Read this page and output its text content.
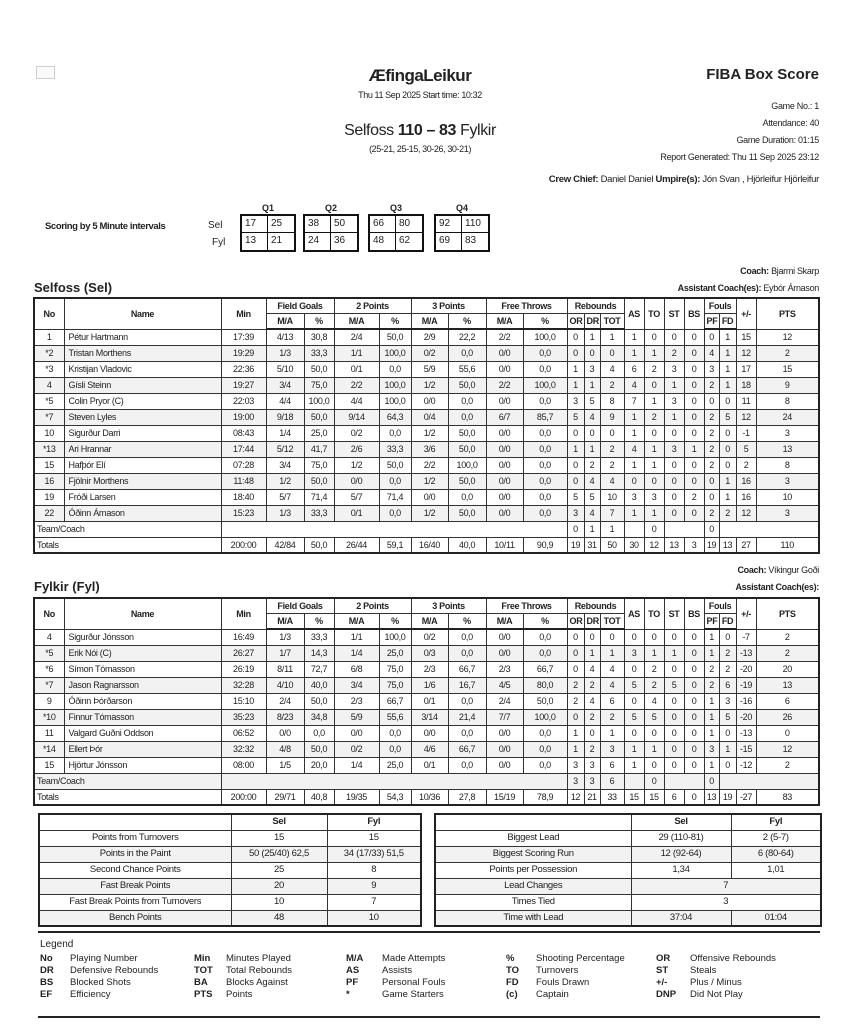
ÆfingaLeikur
Thu 11 Sep 2025 Start time: 10:32
Selfoss 110 – 83 Fylkir
(25-21, 25-15, 30-26, 30-21)
FIBA Box Score
Game No.: 1
Attendance: 40
Game Duration: 01:15
Report Generated: Thu 11 Sep 2025 23:12
Crew Chief: Daniel Daniel Umpire(s): Jón Svan , Hjörleifur Hjörleifur
Scoring by 5 Minute intervals	Sel
Fyl
Q1
17	25
13	21
Q2
38	50
24	36
Q3
66	80
48	62
Q4
92	110
69	83
Selfoss (Sel)
Coach: Bjarmi Skarp
Assistant Coach(es): Eybór Árnason
No	Name	Min	Field Goals		2 Points		3 Points		Free Throws		Rebounds			AS	TO	ST	BS	Fouls		+/-	PTS
			M/A	%	M/A	%	M/A	%	M/A	%	OR	DR	TOT					PF	FD		
1	Pétur Hartmann	17:39	4/13	30,8	2/4	50,0	2/9	22,2	2/2	100,0	0	1	1	1	0	0	0	0	1	15	12
*2	Tristan Morthens	19:29	1/3	33,3	1/1	100,0	0/2	0,0	0/0	0,0	0	0	0	1	1	2	0	4	1	12	2
*3	Kristijan Vladovic	22:36	5/10	50,0	0/1	0,0	5/9	55,6	0/0	0,0	1	3	4	6	2	3	0	3	1	17	15
4	Gísli Steinn	19:27	3/4	75,0	2/2	100,0	1/2	50,0	2/2	100,0	1	1	2	4	0	1	0	2	1	18	9
*5	Colin Pryor (C)	22:03	4/4	100,0	4/4	100,0	0/0	0,0	0/0	0,0	3	5	8	7	1	3	0	0	0	11	8
*7	Steven Lyles	19:00	9/18	50,0	9/14	64,3	0/4	0,0	6/7	85,7	5	4	9	1	2	1	0	2	5	12	24
10	Sigurður Darri	08:43	1/4	25,0	0/2	0,0	1/2	50,0	0/0	0,0	0	0	0	1	0	0	0	2	0	-1	3
*13	Ari Hrannar	17:44	5/12	41,7	2/6	33,3	3/6	50,0	0/0	0,0	1	1	2	4	1	3	1	2	0	5	13
15	Hafþór Elí	07:28	3/4	75,0	1/2	50,0	2/2	100,0	0/0	0,0	0	2	2	1	1	0	0	2	0	2	8
16	Fjölnir Morthens	11:48	1/2	50,0	0/0	0,0	1/2	50,0	0/0	0,0	0	4	4	0	0	0	0	0	1	16	3
19	Fróði Larsen	18:40	5/7	71,4	5/7	71,4	0/0	0,0	0/0	0,0	5	5	10	3	3	0	2	0	1	16	10
22	Óðinn Árnason	15:23	1/3	33,3	0/1	0,0	1/2	50,0	0/0	0,0	3	4	7	1	1	0	0	2	2	12	3
Team/Coach											0	1	1		0			0			
Totals		200:00	42/84	50,0	26/44	59,1	16/40	40,0	10/11	90,9	19	31	50	30	12	13	3	19	13	27	110
Fylkir (Fyl)
Coach: Víkingur Goði
Assistant Coach(es):
No	Name	Min	Field Goals		2 Points		3 Points		Free Throws		Rebounds			AS	TO	ST	BS	Fouls		+/-	PTS
			M/A	%	M/A	%	M/A	%	M/A	%	OR	DR	TOT					PF	FD		
4	Sigurður Jónsson	16:49	1/3	33,3	1/1	100,0	0/2	0,0	0/0	0,0	0	0	0	0	0	0	0	1	0	-7	2
*5	Erik Nói (C)	26:27	1/7	14,3	1/4	25,0	0/3	0,0	0/0	0,0	0	1	1	3	1	1	0	1	2	-13	2
*6	Símon Tómasson	26:19	8/11	72,7	6/8	75,0	2/3	66,7	2/3	66,7	0	4	4	0	2	0	0	2	2	-20	20
*7	Jason Ragnarsson	32:28	4/10	40,0	3/4	75,0	1/6	16,7	4/5	80,0	2	2	4	5	2	5	0	2	6	-19	13
9	Óðinn Þórðarson	15:10	2/4	50,0	2/3	66,7	0/1	0,0	2/4	50,0	2	4	6	0	4	0	0	1	3	-16	6
*10	Finnur Tómasson	35:23	8/23	34,8	5/9	55,6	3/14	21,4	7/7	100,0	0	2	2	5	5	0	0	1	5	-20	26
11	Valgard Guðni Oddson	06:52	0/0	0,0	0/0	0,0	0/0	0,0	0/0	0,0	1	0	1	0	0	0	0	1	0	-13	0
*14	Ellert Þór	32:32	4/8	50,0	0/2	0,0	4/6	66,7	0/0	0,0	1	2	3	1	1	0	0	3	1	-15	12
15	Hjörtur Jónsson	08:00	1/5	20,0	1/4	25,0	0/1	0,0	0/0	0,0	3	3	6	1	0	0	0	1	0	-12	2
Team/Coach											3	3	6		0			0			
Totals		200:00	29/71	40,8	19/35	54,3	10/36	27,8	15/19	78,9	12	21	33	15	15	6	0	13	19	-27	83
	Sel	Fyl
Points from Turnovers	15	15
Points in the Paint	50 (25/40) 62,5	34 (17/33) 51,5
Second Chance Points	25	8
Fast Break Points	20	9
Fast Break Points from Turnovers	10	7
Bench Points	48	10
	Sel	Fyl
Biggest Lead	29 (110-81)	2 (5-7)
Biggest Scoring Run	12 (92-64)	6 (80-64)
Points per Possession	1,34	1,01
Lead Changes	7	
Times Tied	3	
Time with Lead	37:04	01:04
Legend
No Playing Number	Min Minutes Played	M/A Made Attempts	% Shooting Percentage	OR Offensive Rebounds
DR Defensive Rebounds	TOT Total Rebounds	AS Assists	TO Turnovers	ST Steals
BS Blocked Shots	BA Blocks Against	PF	Personal Fouls	FD Fouls Drawn	+/- Plus / Minus
EF Efficiency	PTS Points	*	Game Starters	(c) Captain	DNP Did Not Play
